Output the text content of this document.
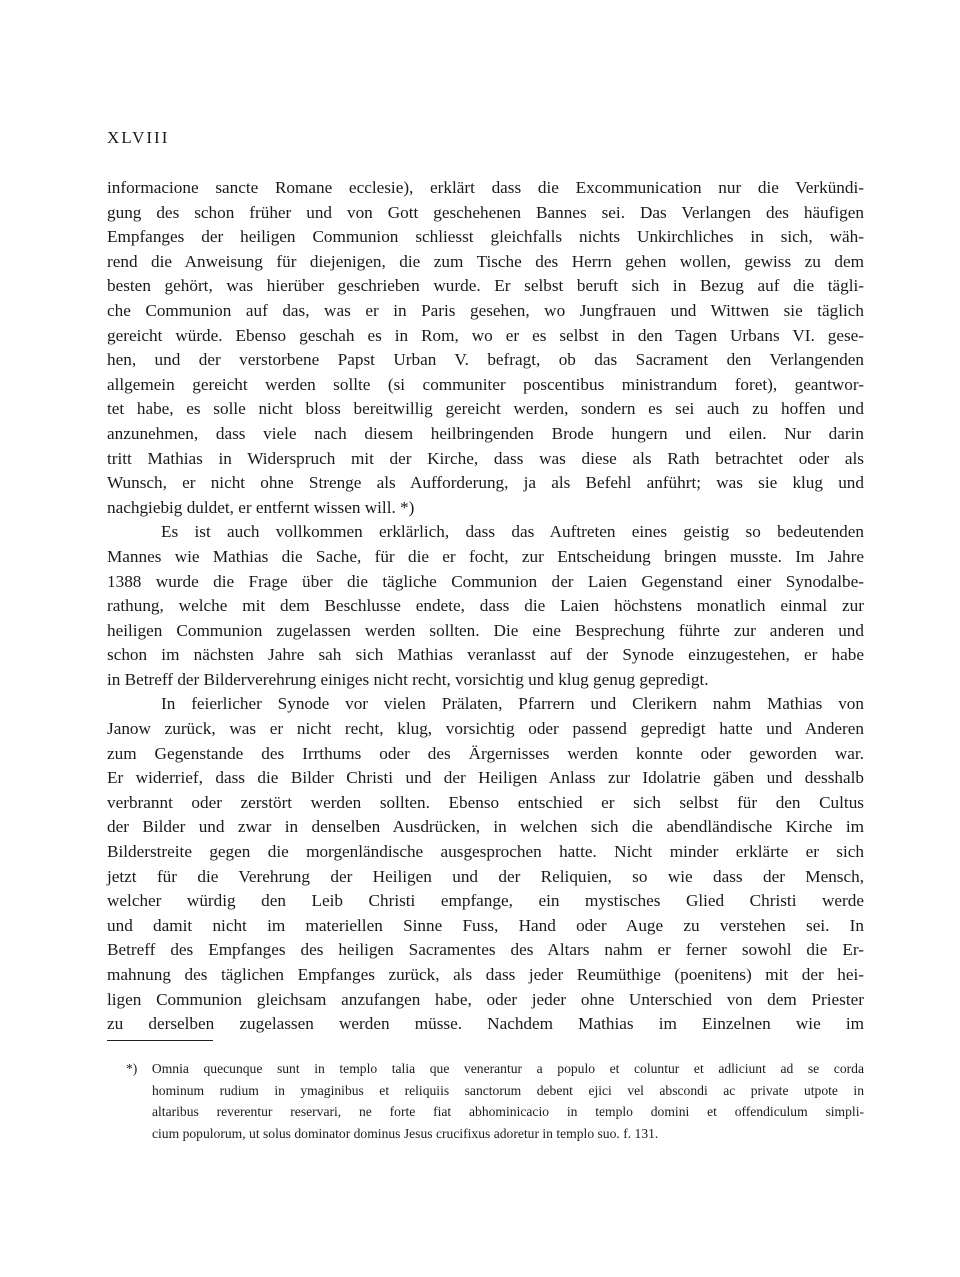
XLVIII
informacione sancte Romane ecclesie), erklärt dass die Excommunication nur die Verkündi-
gung des schon früher und von Gott geschehenen Bannes sei. Das Verlangen des häufigen
Empfanges der heiligen Communion schliesst gleichfalls nichts Unkirchliches in sich, wäh-
rend die Anweisung für diejenigen, die zum Tische des Herrn gehen wollen, gewiss zu dem
besten gehört, was hierüber geschrieben wurde. Er selbst beruft sich in Bezug auf die tägli-
che Communion auf das, was er in Paris gesehen, wo Jungfrauen und Wittwen sie täglich
gereicht würde. Ebenso geschah es in Rom, wo er es selbst in den Tagen Urbans VI. gese-
hen, und der verstorbene Papst Urban V. befragt, ob das Sacrament den Verlangenden
allgemein gereicht werden sollte (si communiter poscentibus ministrandum foret), geantwor-
tet habe, es solle nicht bloss bereitwillig gereicht werden, sondern es sei auch zu hoffen und
anzunehmen, dass viele nach diesem heilbringenden Brode hungern und eilen. Nur darin
tritt Mathias in Widerspruch mit der Kirche, dass was diese als Rath betrachtet oder als
Wunsch, er nicht ohne Strenge als Aufforderung, ja als Befehl anführt; was sie klug und
nachgiebig duldet, er entfernt wissen will. *)
Es ist auch vollkommen erklärlich, dass das Auftreten eines geistig so bedeutenden
Mannes wie Mathias die Sache, für die er focht, zur Entscheidung bringen musste. Im Jahre
1388 wurde die Frage über die tägliche Communion der Laien Gegenstand einer Synodalbe-
rathung, welche mit dem Beschlusse endete, dass die Laien höchstens monatlich einmal zur
heiligen Communion zugelassen werden sollten. Die eine Besprechung führte zur anderen und
schon im nächsten Jahre sah sich Mathias veranlasst auf der Synode einzugestehen, er habe
in Betreff der Bilderverehrung einiges nicht recht, vorsichtig und klug genug gepredigt.
In feierlicher Synode vor vielen Prälaten, Pfarrern und Clerikern nahm Mathias von
Janow zurück, was er nicht recht, klug, vorsichtig oder passend gepredigt hatte und Anderen
zum Gegenstande des Irrthums oder des Ärgernisses werden konnte oder geworden war.
Er widerrief, dass die Bilder Christi und der Heiligen Anlass zur Idolatrie gäben und desshalb
verbrannt oder zerstört werden sollten. Ebenso entschied er sich selbst für den Cultus
der Bilder und zwar in denselben Ausdrücken, in welchen sich die abendländische Kirche im
Bilderstreite gegen die morgenländische ausgesprochen hatte. Nicht minder erklärte er sich
jetzt für die Verehrung der Heiligen und der Reliquien, so wie dass der Mensch,
welcher würdig den Leib Christi empfange, ein mystisches Glied Christi werde
und damit nicht im materiellen Sinne Fuss, Hand oder Auge zu verstehen sei. In
Betreff des Empfanges des heiligen Sacramentes des Altars nahm er ferner sowohl die Er-
mahnung des täglichen Empfanges zurück, als dass jeder Reumüthige (poenitens) mit der hei-
ligen Communion gleichsam anzufangen habe, oder jeder ohne Unterschied von dem Priester
zu derselben zugelassen werden müsse. Nachdem Mathias im Einzelnen wie im
*) Omnia quecunque sunt in templo talia que venerantur a populo et coluntur et adliciunt ad se corda
hominum rudium in ymaginibus et reliquiis sanctorum debent ejici vel abscondi ac private utpote in
altaribus reverentur reservari, ne forte fiat abhominicacio in templo domini et offendiculum simpli-
cium populorum, ut solus dominator dominus Jesus crucifixus adoretur in templo suo. f. 131.
